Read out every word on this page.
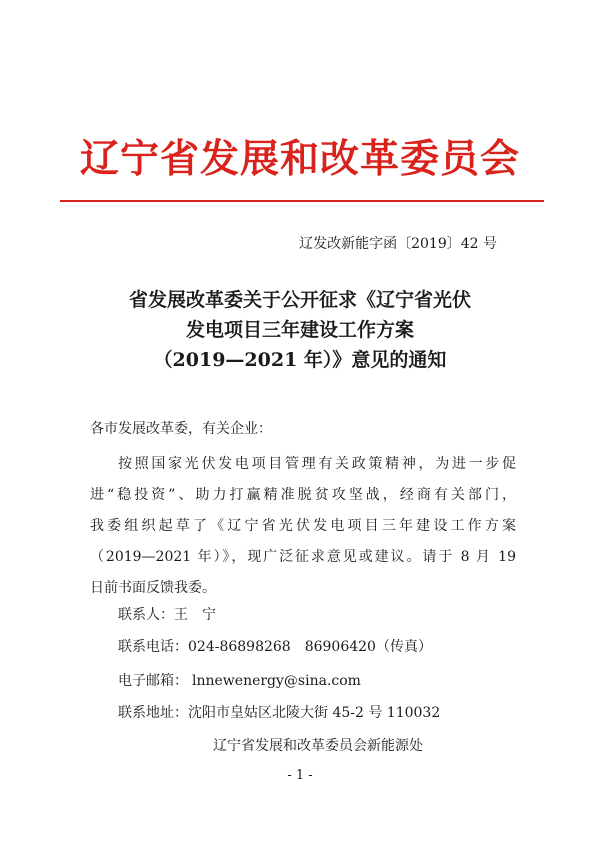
辽宁省发展和改革委员会
辽发改新能字函〔2019〕42 号
省发展改革委关于公开征求《辽宁省光伏
发电项目三年建设工作方案
（2019—2021 年）》意见的通知
各市发展改革委，有关企业：
按照国家光伏发电项目管理有关政策精神，为进一步促
进“稳投资”、助力打赢精准脱贫攻坚战，经商有关部门，
我委组织起草了《辽宁省光伏发电项目三年建设工作方案
（2019—2021 年）》，现广泛征求意见或建议。请于 8 月 19
日前书面反馈我委。
联系人：王　宁
联系电话：024-86898268　86906420（传真）
电子邮箱： lnnewenergy@sina.com
联系地址：沈阳市皇姑区北陵大街 45-2 号 110032
辽宁省发展和改革委员会新能源处
- 1 -
